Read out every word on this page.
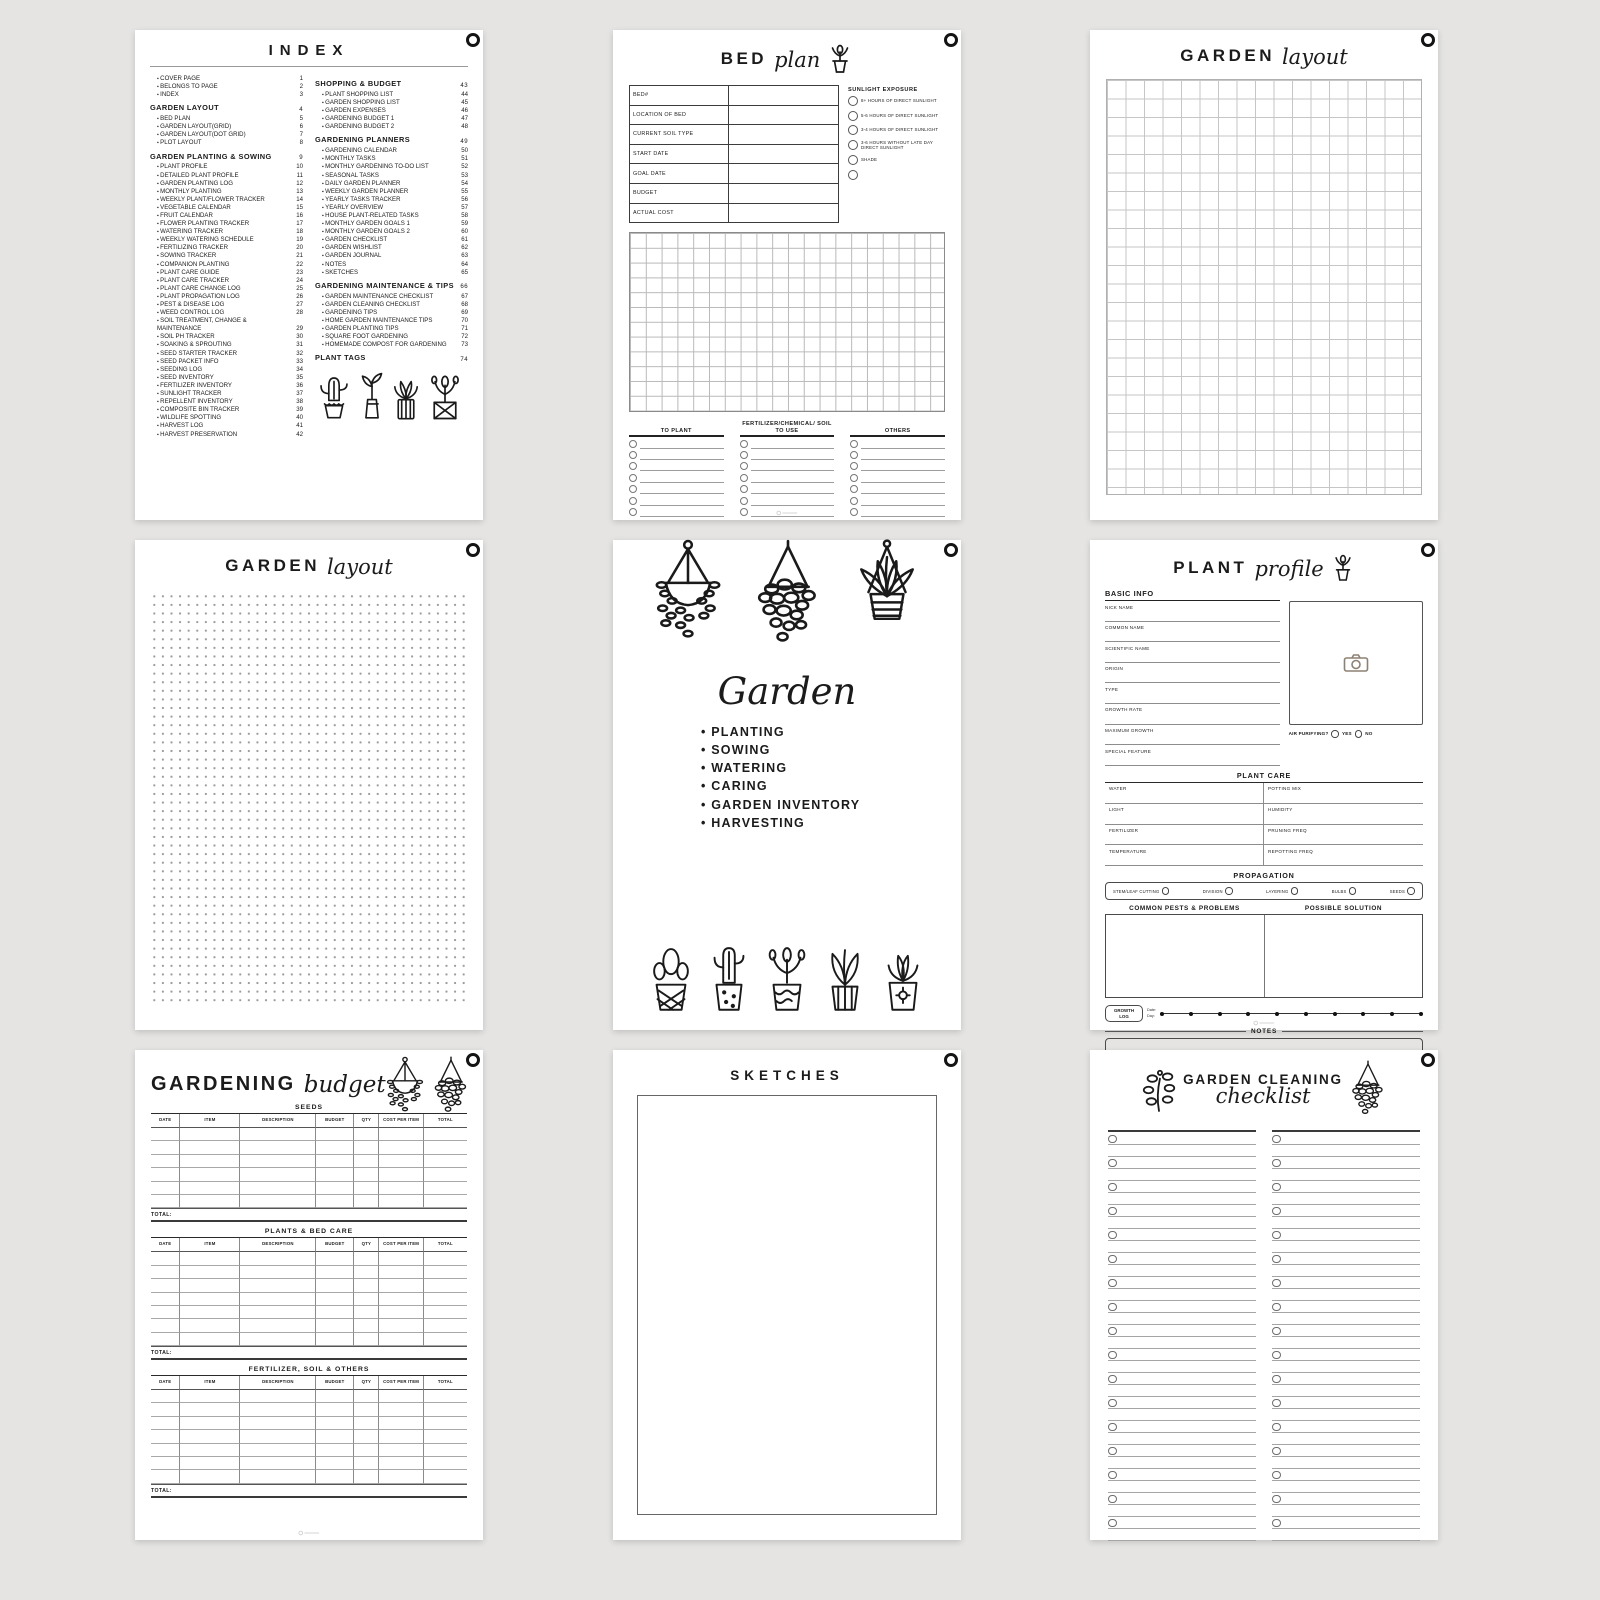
INDEX
▪ COVER PAGE	1
▪ BELONGS TO PAGE	2
▪ INDEX	3
GARDEN LAYOUT	4
▪ BED PLAN	5
▪ GARDEN LAYOUT(GRID)	6
▪ GARDEN LAYOUT(DOT GRID)	7
▪ PLOT LAYOUT	8
GARDEN PLANTING & SOWING	9
▪ PLANT PROFILE	10
▪ DETAILED PLANT PROFILE	11
▪ GARDEN PLANTING LOG	12
▪ MONTHLY PLANTING	13
▪ WEEKLY PLANT/FLOWER TRACKER	14
▪ VEGETABLE CALENDAR	15
▪ FRUIT CALENDAR	16
▪ FLOWER PLANTING TRACKER	17
▪ WATERING TRACKER	18
▪ WEEKLY WATERING SCHEDULE	19
▪ FERTILIZING TRACKER	20
▪ SOWING TRACKER	21
▪ COMPANION PLANTING	22
▪ PLANT CARE GUIDE	23
▪ PLANT CARE TRACKER	24
▪ PLANT CARE CHANGE LOG	25
▪ PLANT PROPAGATION LOG	26
▪ PEST & DISEASE LOG	27
▪ WEED CONTROL LOG	28
▪ SOIL TREATMENT, CHANGE & MAINTENANCE	29
▪ SOIL PH TRACKER	30
▪ SOAKING & SPROUTING	31
▪ SEED STARTER TRACKER	32
▪ SEED PACKET INFO	33
▪ SEEDING LOG	34
▪ SEED INVENTORY	35
▪ FERTILIZER INVENTORY	36
▪ SUNLIGHT TRACKER	37
▪ REPELLENT INVENTORY	38
▪ COMPOSITE BIN TRACKER	39
▪ WILDLIFE SPOTTING	40
▪ HARVEST LOG	41
▪ HARVEST PRESERVATION	42
SHOPPING & BUDGET	43
▪ PLANT SHOPPING LIST	44
▪ GARDEN SHOPPING LIST	45
▪ GARDEN EXPENSES	46
▪ GARDENING BUDGET 1	47
▪ GARDENING BUDGET 2	48
GARDENING PLANNERS	49
▪ GARDENING CALENDAR	50
▪ MONTHLY TASKS	51
▪ MONTHLY GARDENING TO-DO LIST	52
▪ SEASONAL TASKS	53
▪ DAILY GARDEN PLANNER	54
▪ WEEKLY GARDEN PLANNER	55
▪ YEARLY TASKS TRACKER	56
▪ YEARLY OVERVIEW	57
▪ HOUSE PLANT-RELATED TASKS	58
▪ MONTHLY GARDEN GOALS 1	59
▪ MONTHLY GARDEN GOALS 2	60
▪ GARDEN CHECKLIST	61
▪ GARDEN WISHLIST	62
▪ GARDEN JOURNAL	63
▪ NOTES	64
▪ SKETCHES	65
GARDENING MAINTENANCE & TIPS 66
▪ GARDEN MAINTENANCE CHECKLIST	67
▪ GARDEN CLEANING CHECKLIST	68
▪ GARDENING TIPS	69
▪ HOME GARDEN MAINTENANCE TIPS	70
▪ GARDEN PLANTING TIPS	71
▪ SQUARE FOOT GARDENING	72
▪ HOMEMADE COMPOST FOR GARDENING 73
PLANT TAGS	74
BED plan
BED#
LOCATION OF BED
CURRENT SOIL TYPE
START DATE
GOAL DATE
BUDGET
ACTUAL COST
SUNLIGHT EXPOSURE
8+ HOURS OF DIRECT SUNLIGHT
5-6 HOURS OF DIRECT SUNLIGHT
3-4 HOURS OF DIRECT SUNLIGHT
3-6 HOURS WITHOUT LATE DAY DIRECT SUNLIGHT
SHADE
TO PLANT
FERTILIZER/CHEMICAL/ SOIL TO USE	OTHERS
GARDEN layout
GARDEN layout
Garden
• PLANTING
• SOWING
• WATERING
• CARING
• GARDEN INVENTORY
• HARVESTING
PLANT profile
BASIC INFO
NICK NAME
COMMON NAME
SCIENTIFIC NAME
ORIGIN
TYPE
GROWTH RATE
MAXIMUM GROWTH
SPECIAL FEATURE
AIR PURIFYING?	YES	NO
PLANT CARE
WATER	POTTING MIX
LIGHT	HUMIDITY
FERTILIZER	PRUNING FREQ
TEMPERATURE	REPOTTING FREQ
PROPAGATION
STEM/LEAF CUTTING	DIVISION	LAYERING	BULBS	SEEDS
COMMON PESTS & PROBLEMS	POSSIBLE SOLUTION
GROWTH LOG
Date:
Day:
NOTES
GARDENING budget
SEEDS
DATE	ITEM	DESCRIPTION	BUDGET	QTY	COST PER ITEM	TOTAL
TOTAL:
PLANTS & BED CARE
DATE	ITEM	DESCRIPTION	BUDGET	QTY	COST PER ITEM	TOTAL
TOTAL:
FERTILIZER, SOIL & OTHERS
DATE	ITEM	DESCRIPTION	BUDGET	QTY	COST PER ITEM	TOTAL
TOTAL:
SKETCHES	GARDEN CLEANING
checklist
